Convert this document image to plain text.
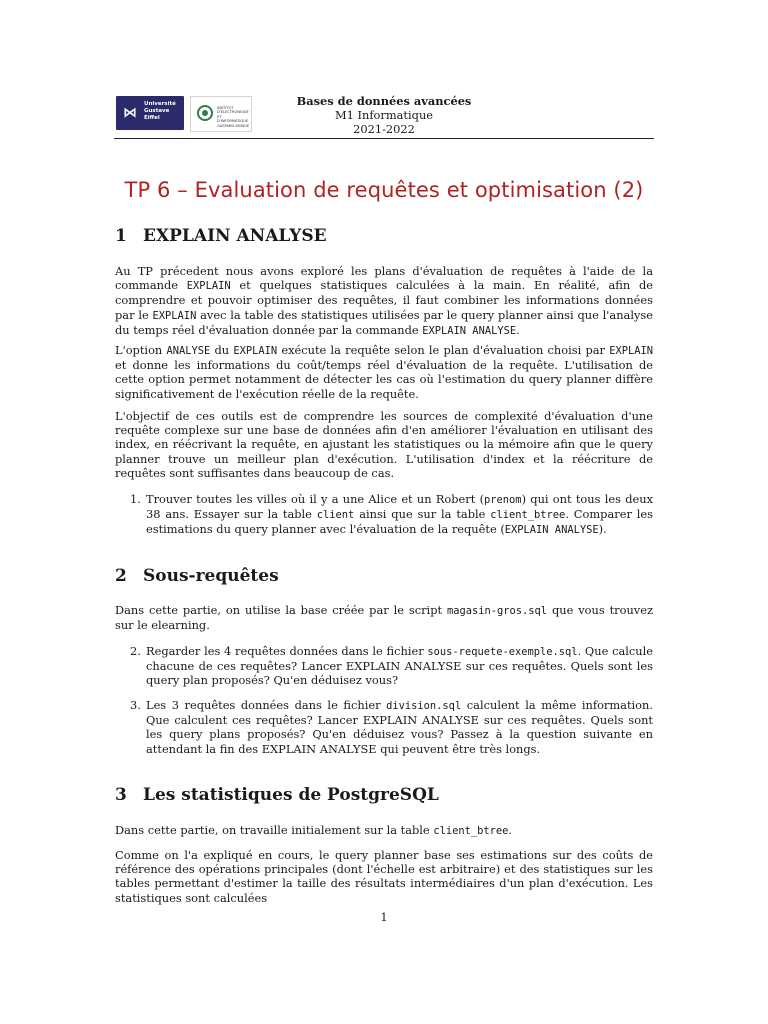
⋈
Université
Gustave
Eiffel
INSTITUT
D'ÉLECTRONIQUE
ET D'INFORMATIQUE
GASPARD-MONGE
Bases de données avancées
M1 Informatique
2021-2022
TP 6 – Evaluation de requêtes et optimisation (2)
1 EXPLAIN ANALYSE

Au TP précedent nous avons exploré les plans d'évaluation de requêtes à l'aide de la commande EXPLAIN et quelques statistiques calculées à la main. En réalité, afin de comprendre et pouvoir optimiser des requêtes, il faut combiner les informations données par le EXPLAIN avec la table des statistiques utilisées par le query planner ainsi que l'analyse du temps réel d'évaluation donnée par la commande EXPLAIN ANALYSE.

L'option ANALYSE du EXPLAIN exécute la requête selon le plan d'évaluation choisi par EXPLAIN et donne les informations du coût/temps réel d'évaluation de la requête. L'utilisation de cette option permet notamment de détecter les cas où l'estimation du query planner diffère significativement de l'exécution réelle de la requête.

L'objectif de ces outils est de comprendre les sources de complexité d'évaluation d'une requête complexe sur une base de données afin d'en améliorer l'évaluation en utilisant des index, en réécrivant la requête, en ajustant les statistiques ou la mémoire afin que le query planner trouve un meilleur plan d'exécution. L'utilisation d'index et la réécriture de requêtes sont suffisantes dans beaucoup de cas.

1. Trouver toutes les villes où il y a une Alice et un Robert (prenom) qui ont tous les deux 38 ans. Essayer sur la table client ainsi que sur la table client_btree. Comparer les estimations du query planner avec l'évaluation de la requête (EXPLAIN ANALYSE).
2 Sous-requêtes

Dans cette partie, on utilise la base créée par le script magasin-gros.sql que vous trouvez sur le elearning.

2. Regarder les 4 requêtes données dans le fichier sous-requete-exemple.sql. Que calcule chacune de ces requêtes? Lancer EXPLAIN ANALYSE sur ces requêtes. Quels sont les query plan proposés? Qu'en déduisez vous?
3. Les 3 requêtes données dans le fichier division.sql calculent la même information. Que calculent ces requêtes? Lancer EXPLAIN ANALYSE sur ces requêtes. Quels sont les query plans proposés? Qu'en déduisez vous? Passez à la question suivante en attendant la fin des EXPLAIN ANALYSE qui peuvent être très longs.
3 Les statistiques de PostgreSQL

Dans cette partie, on travaille initialement sur la table client_btree.

Comme on l'a expliqué en cours, le query planner base ses estimations sur des coûts de référence des opérations principales (dont l'échelle est arbitraire) et des statistiques sur les tables permettant d'estimer la taille des résultats intermédiaires d'un plan d'exécution. Les statistiques sont calculées

1
